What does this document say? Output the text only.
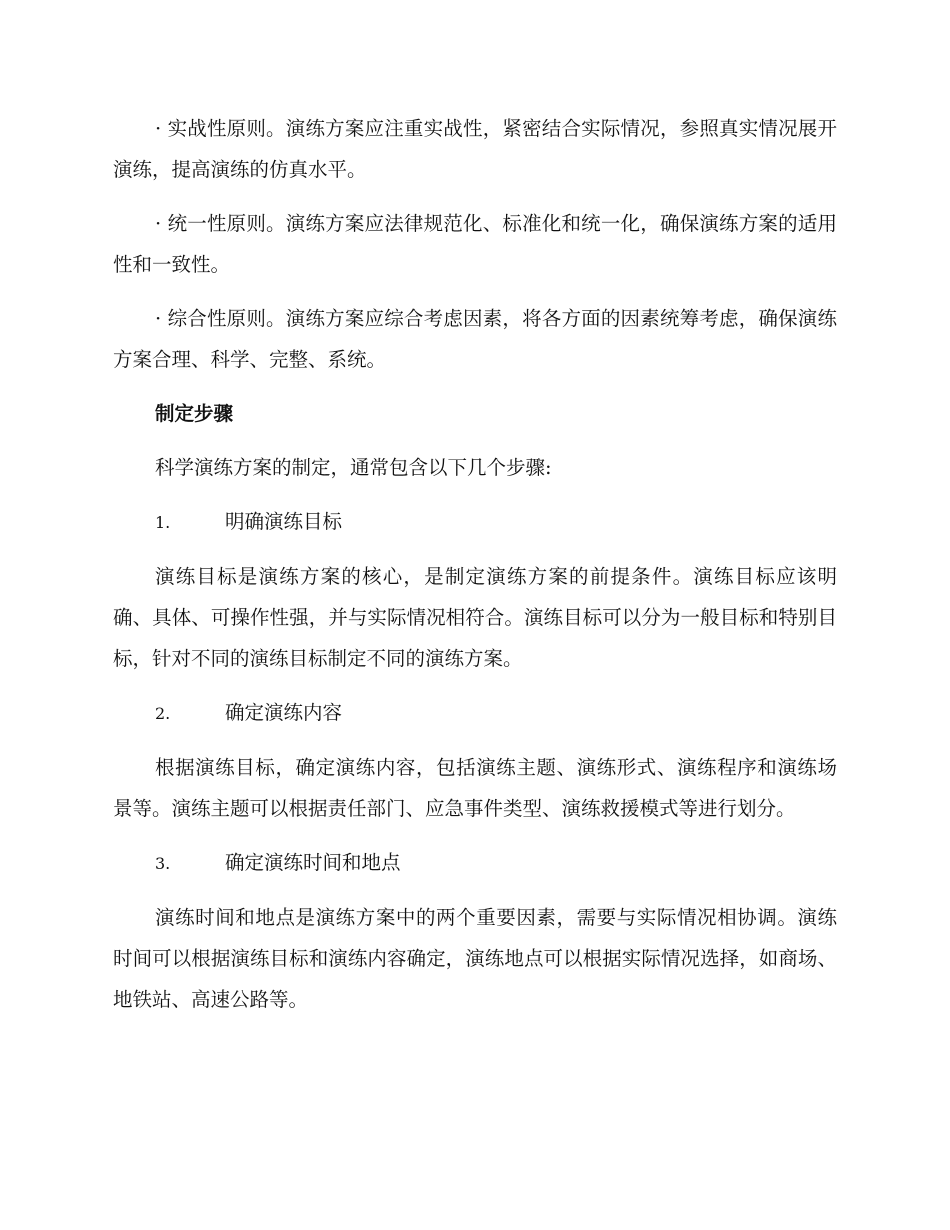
· 实战性原则。演练方案应注重实战性，紧密结合实际情况，参照真实情况展开演练，提高演练的仿真水平。

· 统一性原则。演练方案应法律规范化、标准化和统一化，确保演练方案的适用性和一致性。

· 综合性原则。演练方案应综合考虑因素，将各方面的因素统筹考虑，确保演练方案合理、科学、完整、系统。

制定步骤

科学演练方案的制定，通常包含以下几个步骤:

1.	明确演练目标

演练目标是演练方案的核心，是制定演练方案的前提条件。演练目标应该明确、具体、可操作性强，并与实际情况相符合。演练目标可以分为一般目标和特别目标，针对不同的演练目标制定不同的演练方案。

2.	确定演练内容

根据演练目标，确定演练内容，包括演练主题、演练形式、演练程序和演练场景等。演练主题可以根据责任部门、应急事件类型、演练救援模式等进行划分。

3.	确定演练时间和地点

演练时间和地点是演练方案中的两个重要因素，需要与实际情况相协调。演练时间可以根据演练目标和演练内容确定，演练地点可以根据实际情况选择，如商场、地铁站、高速公路等。
